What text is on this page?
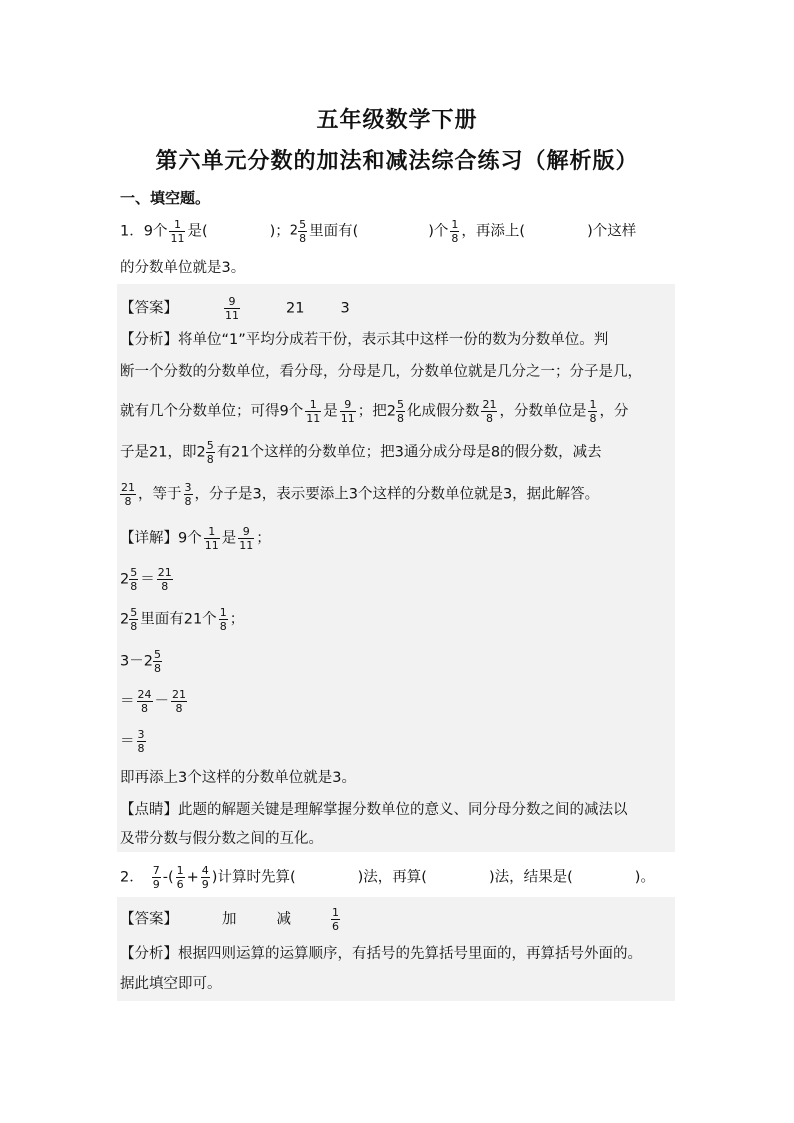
五年级数学下册
第六单元分数的加法和减法综合练习（解析版）
一、填空题。
1．9个 $\frac{1}{11}$ 是(	)；$2 \frac{5}{8}$ 里面有(	)个 $\frac{1}{8}$ ，再添上(	)个这样
的分数单位就是3。
【答案】	$\frac{9}{11}$	21 3
【分析】将单位“1”平均分成若干份，表示其中这样一份的数为分数单位。判
断一个分数的分数单位，看分母，分母是几，分数单位就是几分之一；分子是几，
就有几个分数单位；可得9个 $\frac{1}{11}$ 是 $\frac{9}{11}$ ；把$2 \frac{5}{8}$ 化成假分数 $\frac{21}{8}$ ，分数单位是 $\frac{1}{8}$ ，分
子是21，即$2 \frac{5}{8}$ 有21个这样的分数单位；把3通分成分母是8的假分数，减去
$\frac{21}{8}$ ，等于 $\frac{3}{8}$ ，分子是3，表示要添上3个这样的分数单位就是3，据此解答。
【详解】9个 $\frac{1}{11}$ 是 $\frac{9}{11}$ ；
$2 \frac{5}{8} = \frac{21}{8}$
$2 \frac{5}{8}$ 里面有21个 $\frac{1}{8}$ ；
$3-2 \frac{5}{8}$
＝ $\frac{24}{8} - \frac{21}{8}$
＝ $\frac{3}{8}$
即再添上3个这样的分数单位就是3。
【点睛】此题的解题关键是理解掌握分数单位的意义、同分母分数之间的减法以
及带分数与假分数之间的互化。
2． $\frac{7}{9}$ -( $\frac{1}{6} + \frac{4}{9}$ )计算时先算(	)法，再算(	)法，结果是(	)。
【答案】	加	减	$\frac{1}{6}$
【分析】根据四则运算的运算顺序，有括号的先算括号里面的，再算括号外面的。
据此填空即可。
